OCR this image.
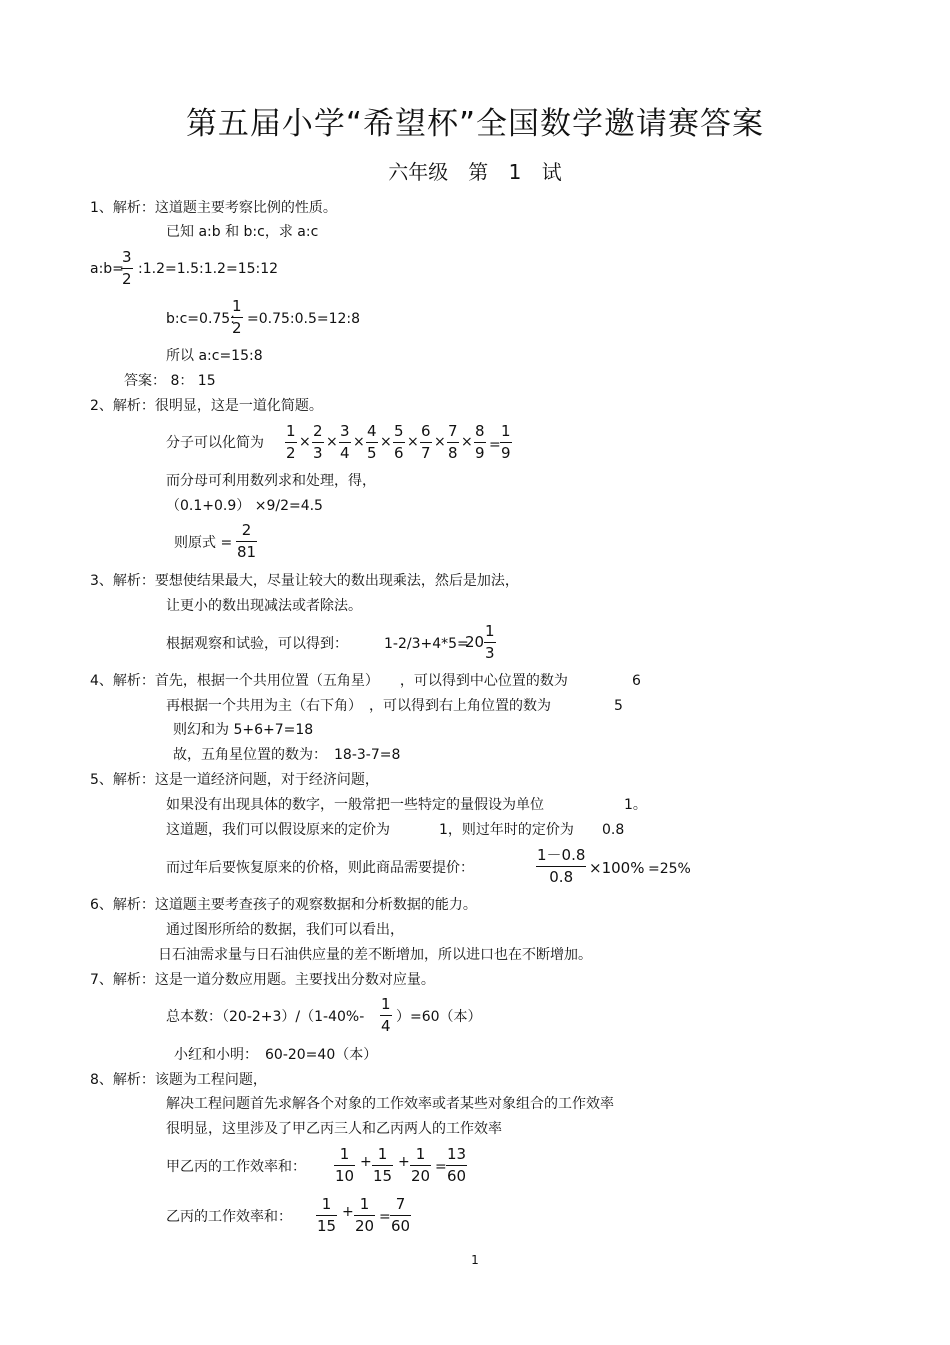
第五届小学“希望杯”全国数学邀请赛答案
六年级　第 1 试
1、解析：这道题主要考察比例的性质。
已知 a:b 和 b:c，求 a:c
a:b=
3
2
:1.2=1.5:1.2=15:12
b:c=0.75:
1
2 =0.75:0.5=12:8
所以 a:c=15:8
答案： 8： 15
2、解析：很明显，这是一道化简题。
分子可以化简为
1
2
×
2
3
×
3
4
×
4
5
×
5
6
×
6
7
×
7
8
×
8
9 =
1
9
而分母可利用数列求和处理，得，
（0.1+0.9） ×9/2=4.5
则原式 =
2
81
3、解析：要想使结果最大，尽量让较大的数出现乘法，然后是加法，
让更小的数出现减法或者除法。
根据观察和试验，可以得到：	1-2/3+4*5=
20
1
3
4、解析：首先，根据一个共用位置（五角星）　　，可以得到中心位置的数为	6
再根据一个共用为主（右下角）　，可以得到右上角位置的数为	5
则幻和为 5+6+7=18
故，五角星位置的数为：　18-3-7=8
5、解析：这是一道经济问题，对于经济问题，
如果没有出现具体的数字，一般常把一些特定的量假设为单位	1。
这道题，我们可以假设原来的定价为	1，则过年时的定价为 0.8
而过年后要恢复原来的价格，则此商品需要提价：
1－0.8
0.8	×100% =25%
6、解析：这道题主要考查孩子的观察数据和分析数据的能力。
通过图形所给的数据，我们可以看出，
日石油需求量与日石油供应量的差不断增加，所以进口也在不断增加。
7、解析：这是一道分数应用题。主要找出分数对应量。
总本数：（20-2+3）/（1-40%-
1
4 ）=60（本）
小红和小明：　60-20=40（本）
8、解析：该题为工程问题，
解决工程问题首先求解各个对象的工作效率或者某些对象组合的工作效率
很明显，这里涉及了甲乙丙三人和乙丙两人的工作效率
甲乙丙的工作效率和：
1
10
+ 1
15
+ 1
20 =
13
60
乙丙的工作效率和：
1
15
+ 1
20 =
7
60
1
